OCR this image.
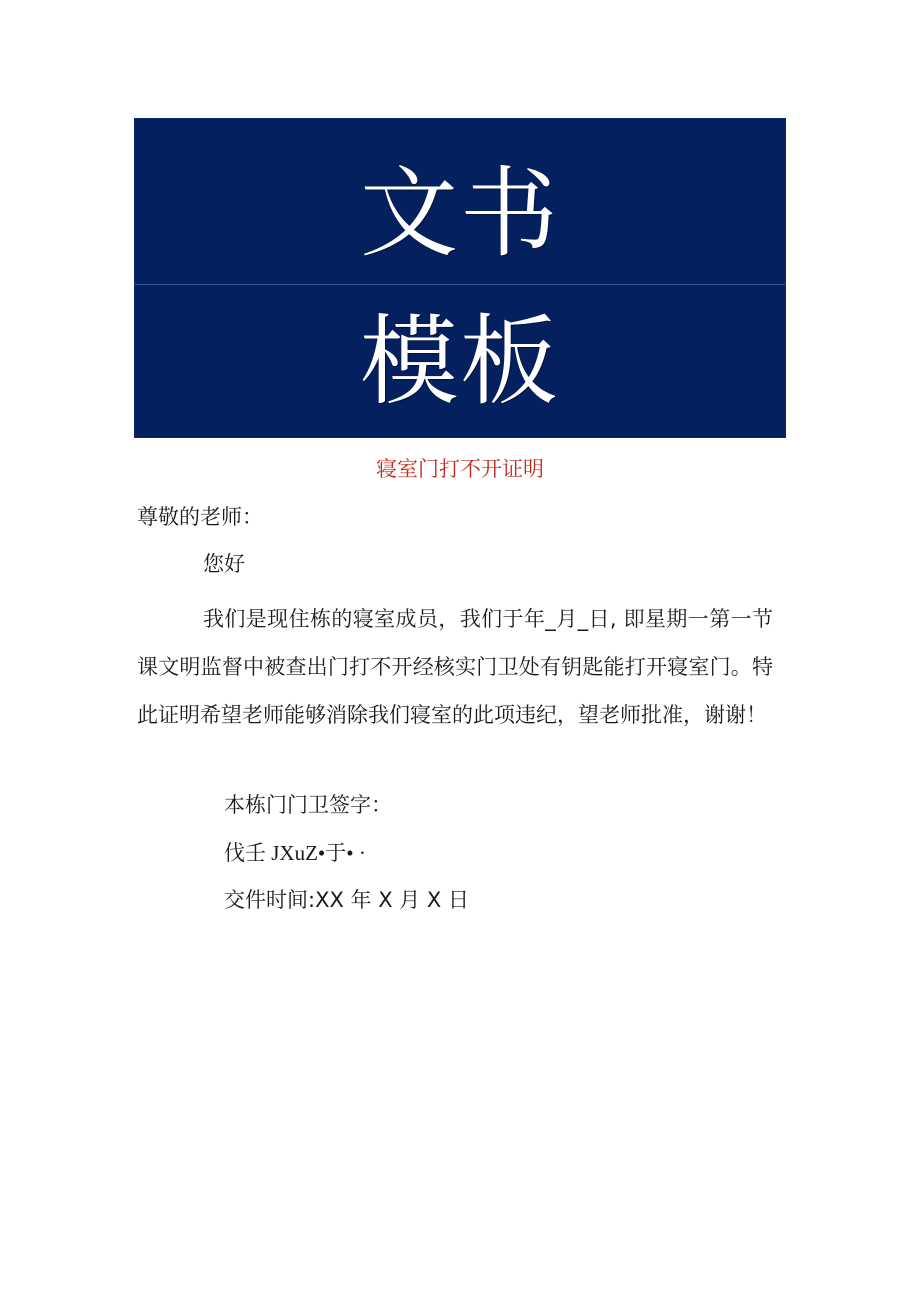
文书
模板
寝室门打不开证明
尊敬的老师：
您好
我们是现住栋的寝室成员，我们于年_月_日, 即星期一第一节课文明监督中被查出门打不开经核实门卫处有钥匙能打开寝室门。特此证明希望老师能够消除我们寝室的此项违纪，望老师批准，谢谢！
本栋门门卫签字：
伐壬 JXuZ•于• ·
交件时间:XX 年 X 月 X 日
